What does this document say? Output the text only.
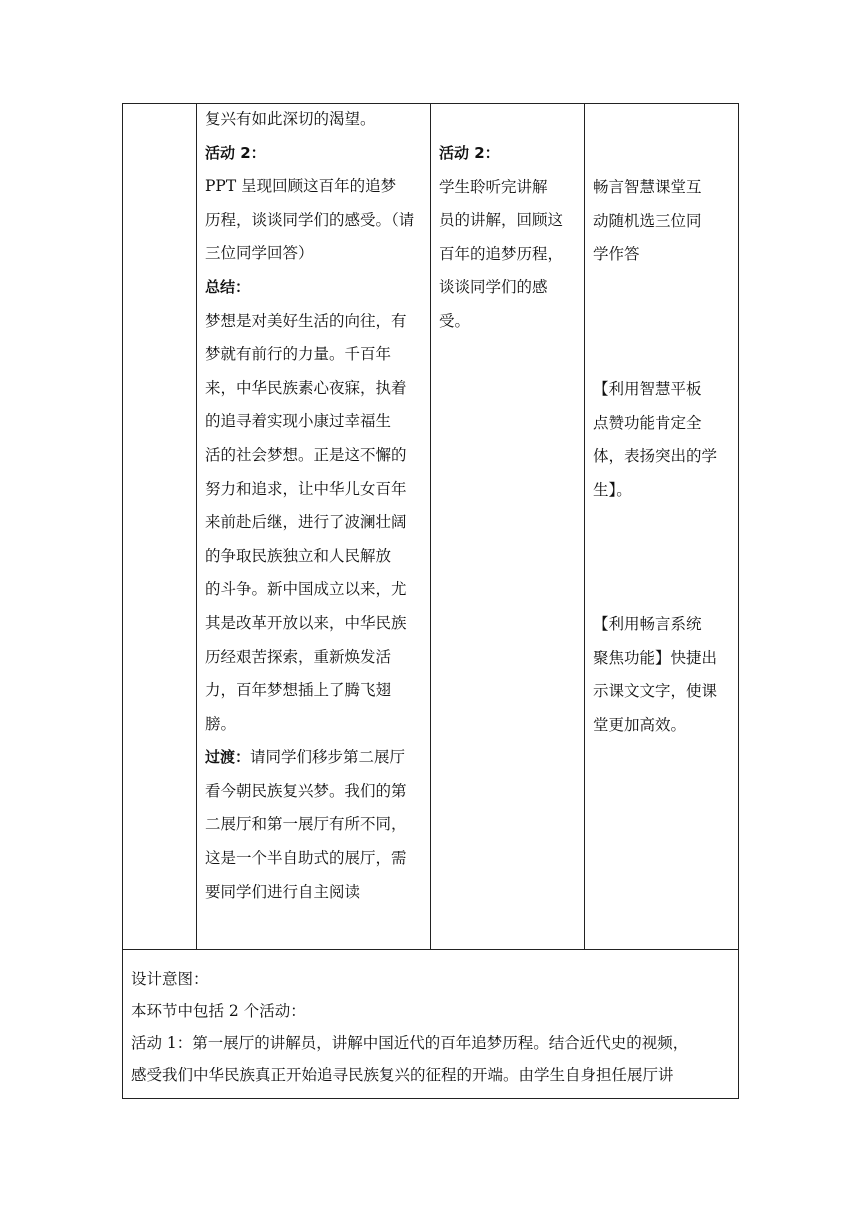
复兴有如此深切的渴望。

活动 2：

PPT 呈现回顾这百年的追梦

历程，谈谈同学们的感受。（请

三位同学回答）

总结：

梦想是对美好生活的向往，有

梦就有前行的力量。千百年

来，中华民族素心夜寐，执着

的追寻着实现小康过幸福生

活的社会梦想。正是这不懈的

努力和追求，让中华儿女百年

来前赴后继，进行了波澜壮阔

的争取民族独立和人民解放

的斗争。新中国成立以来，尤

其是改革开放以来，中华民族

历经艰苦探索，重新焕发活

力，百年梦想插上了腾飞翅

膀。

过渡：请同学们移步第二展厅

看今朝民族复兴梦。我们的第

二展厅和第一展厅有所不同，

这是一个半自助式的展厅，需

要同学们进行自主阅读

活动 2：

学生聆听完讲解

员的讲解，回顾这

百年的追梦历程，

谈谈同学们的感

受。

畅言智慧课堂互

动随机选三位同

学作答

【利用智慧平板

点赞功能肯定全

体，表扬突出的学

生】。

【利用畅言系统

聚焦功能】快捷出

示课文文字，使课

堂更加高效。

设计意图：

本环节中包括 2 个活动：

活动 1：第一展厅的讲解员，讲解中国近代的百年追梦历程。结合近代史的视频，

感受我们中华民族真正开始追寻民族复兴的征程的开端。由学生自身担任展厅讲
